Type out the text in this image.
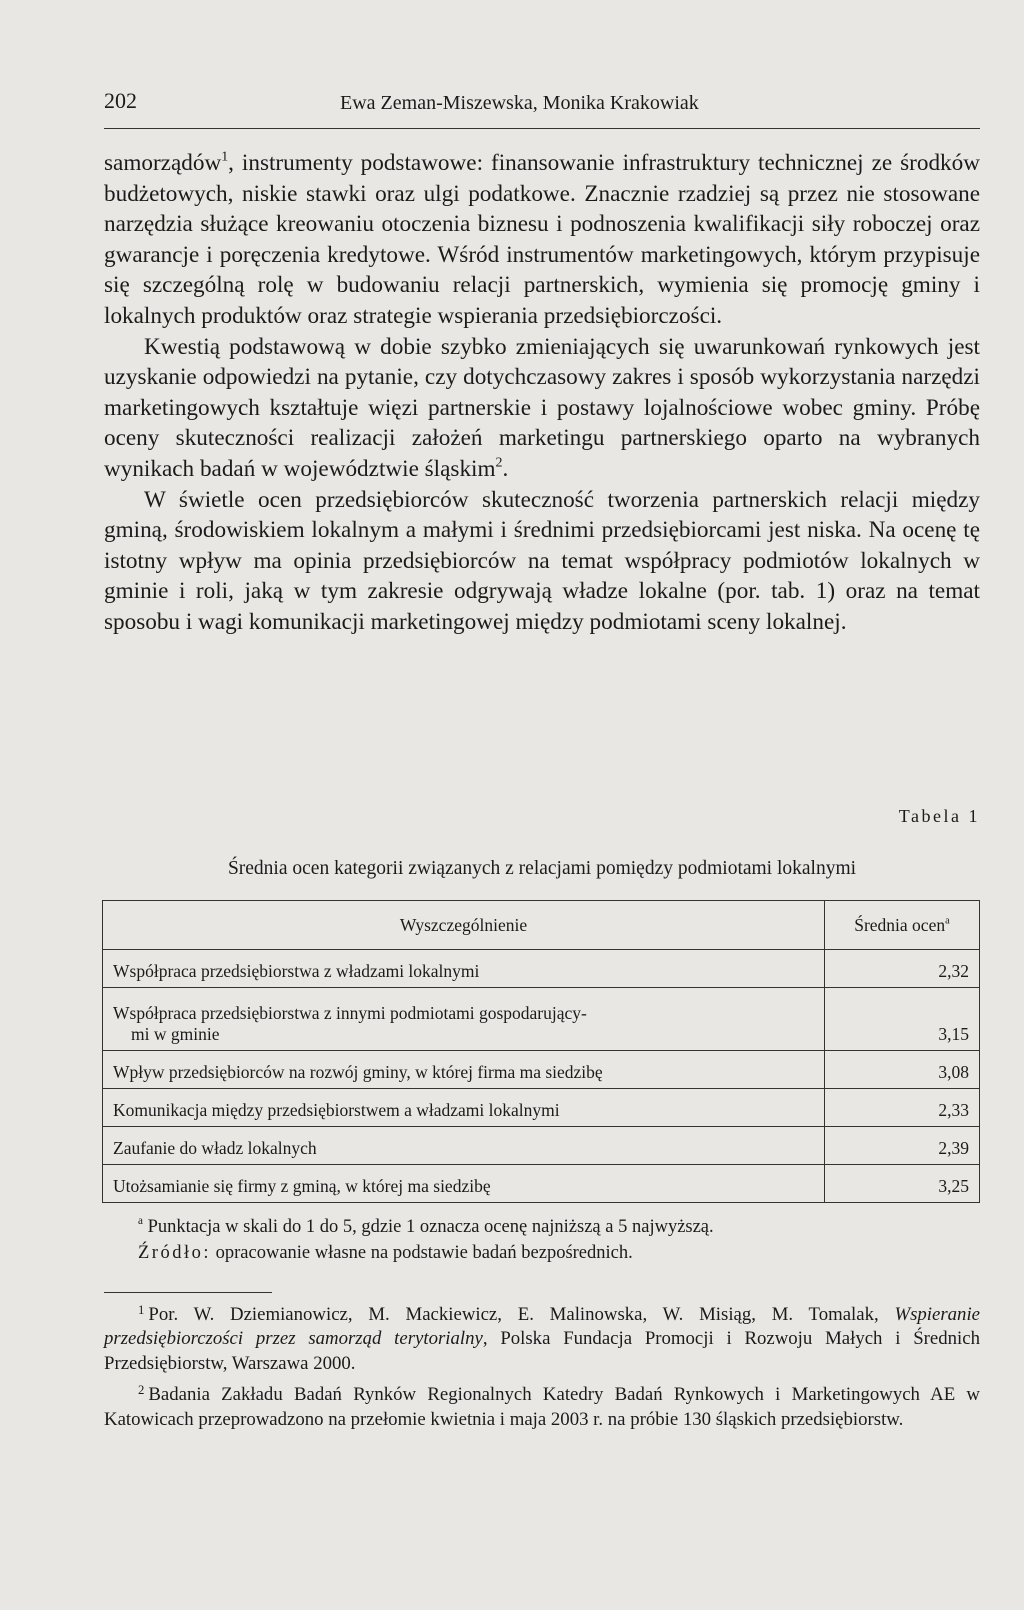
202	Ewa Zeman-Miszewska, Monika Krakowiak

samorządów$^1$, instrumenty podstawowe: finansowanie infrastruktury technicznej ze środków budżetowych, niskie stawki oraz ulgi podatkowe. Znacznie rzadziej są przez nie stosowane narzędzia służące kreowaniu otoczenia biznesu i podnoszenia kwalifikacji siły roboczej oraz gwarancje i poręczenia kredytowe. Wśród instrumentów marketingowych, którym przypisuje się szczególną rolę w budowaniu relacji partnerskich, wymienia się promocję gminy i lokalnych produktów oraz strategie wspierania przedsiębiorczości.

Kwestią podstawową w dobie szybko zmieniających się uwarunkowań rynkowych jest uzyskanie odpowiedzi na pytanie, czy dotychczasowy zakres i sposób wykorzystania narzędzi marketingowych kształtuje więzi partnerskie i postawy lojalnościowe wobec gminy. Próbę oceny skuteczności realizacji założeń marketingu partnerskiego oparto na wybranych wynikach badań w województwie śląskim$^2$.

W świetle ocen przedsiębiorców skuteczność tworzenia partnerskich relacji między gminą, środowiskiem lokalnym a małymi i średnimi przedsiębiorcami jest niska. Na ocenę tę istotny wpływ ma opinia przedsiębiorców na temat współpracy podmiotów lokalnych w gminie i roli, jaką w tym zakresie odgrywają władze lokalne (por. tab. 1) oraz na temat sposobu i wagi komunikacji marketingowej między podmiotami sceny lokalnej.

Tabela 1
Średnia ocen kategorii związanych z relacjami pomiędzy podmiotami lokalnymi
Wyszczególnienie	Średnia ocen$^a$
Współpraca przedsiębiorstwa z władzami lokalnymi	2,32
Współpraca przedsiębiorstwa z innymi podmiotami gospodarujący-
mi w gminie	3,15
Wpływ przedsiębiorców na rozwój gminy, w której firma ma siedzibę	3,08
Komunikacja między przedsiębiorstwem a władzami lokalnymi	2,33
Zaufanie do władz lokalnych	2,39
Utożsamianie się firmy z gminą, w której ma siedzibę	3,25
$^a$ Punktacja w skali do 1 do 5, gdzie 1 oznacza ocenę najniższą a 5 najwyższą.
Źródło: opracowanie własne na podstawie badań bezpośrednich.

$^1$ Por. W. Dziemianowicz, M. Mackiewicz, E. Malinowska, W. Misiąg, M. Tomalak, Wspieranie przedsiębiorczości przez samorząd terytorialny, Polska Fundacja Promocji i Rozwoju Małych i Średnich Przedsiębiorstw, Warszawa 2000.

$^2$ Badania Zakładu Badań Rynków Regionalnych Katedry Badań Rynkowych i Marketingowych AE w Katowicach przeprowadzono na przełomie kwietnia i maja 2003 r. na próbie 130 śląskich przedsiębiorstw.
